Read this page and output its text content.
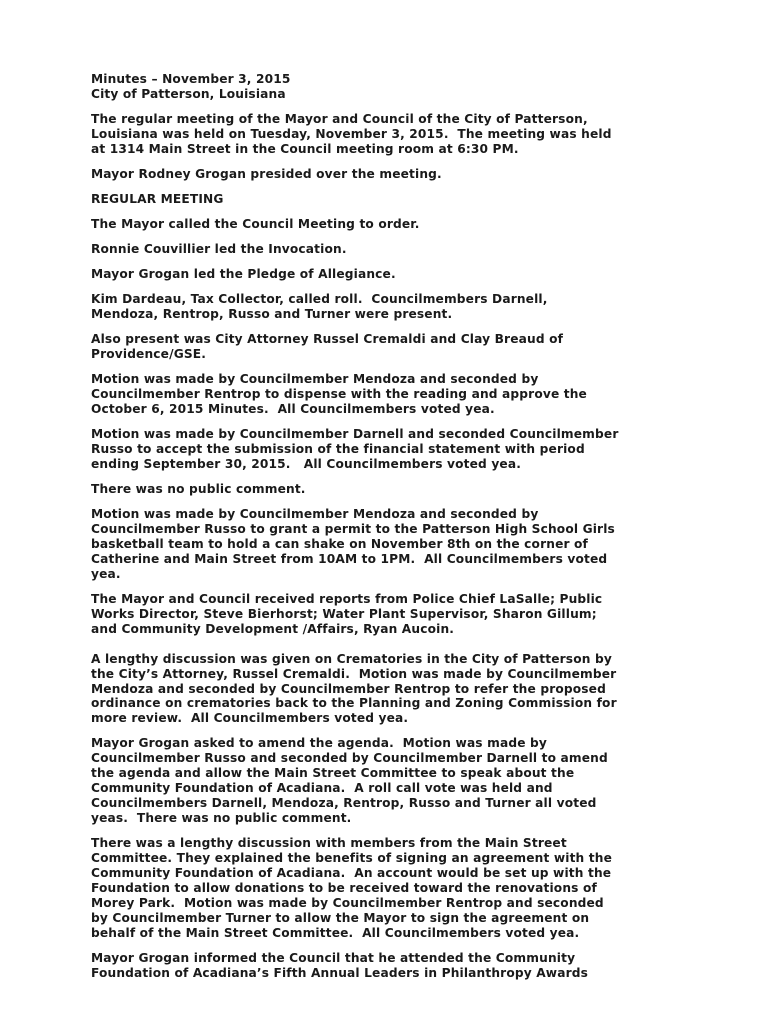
Minutes – November 3, 2015
City of Patterson, Louisiana
The regular meeting of the Mayor and Council of the City of Patterson,
Louisiana was held on Tuesday, November 3, 2015.  The meeting was held
at 1314 Main Street in the Council meeting room at 6:30 PM.
Mayor Rodney Grogan presided over the meeting.
REGULAR MEETING
The Mayor called the Council Meeting to order.
Ronnie Couvillier led the Invocation.
Mayor Grogan led the Pledge of Allegiance.
Kim Dardeau, Tax Collector, called roll.  Councilmembers Darnell,
Mendoza, Rentrop, Russo and Turner were present.
Also present was City Attorney Russel Cremaldi and Clay Breaud of
Providence/GSE.
Motion was made by Councilmember Mendoza and seconded by
Councilmember Rentrop to dispense with the reading and approve the
October 6, 2015 Minutes.  All Councilmembers voted yea.
Motion was made by Councilmember Darnell and seconded Councilmember
Russo to accept the submission of the financial statement with period
ending September 30, 2015.   All Councilmembers voted yea.
There was no public comment.
Motion was made by Councilmember Mendoza and seconded by
Councilmember Russo to grant a permit to the Patterson High School Girls
basketball team to hold a can shake on November 8th on the corner of
Catherine and Main Street from 10AM to 1PM.  All Councilmembers voted
yea.
The Mayor and Council received reports from Police Chief LaSalle; Public
Works Director, Steve Bierhorst; Water Plant Supervisor, Sharon Gillum;
and Community Development /Affairs, Ryan Aucoin.
A lengthy discussion was given on Crematories in the City of Patterson by
the City’s Attorney, Russel Cremaldi.  Motion was made by Councilmember
Mendoza and seconded by Councilmember Rentrop to refer the proposed
ordinance on crematories back to the Planning and Zoning Commission for
more review.  All Councilmembers voted yea.
Mayor Grogan asked to amend the agenda.  Motion was made by
Councilmember Russo and seconded by Councilmember Darnell to amend
the agenda and allow the Main Street Committee to speak about the
Community Foundation of Acadiana.  A roll call vote was held and
Councilmembers Darnell, Mendoza, Rentrop, Russo and Turner all voted
yeas.  There was no public comment.
There was a lengthy discussion with members from the Main Street
Committee. They explained the benefits of signing an agreement with the
Community Foundation of Acadiana.  An account would be set up with the
Foundation to allow donations to be received toward the renovations of
Morey Park.  Motion was made by Councilmember Rentrop and seconded
by Councilmember Turner to allow the Mayor to sign the agreement on
behalf of the Main Street Committee.  All Councilmembers voted yea.
Mayor Grogan informed the Council that he attended the Community
Foundation of Acadiana’s Fifth Annual Leaders in Philanthropy Awards
